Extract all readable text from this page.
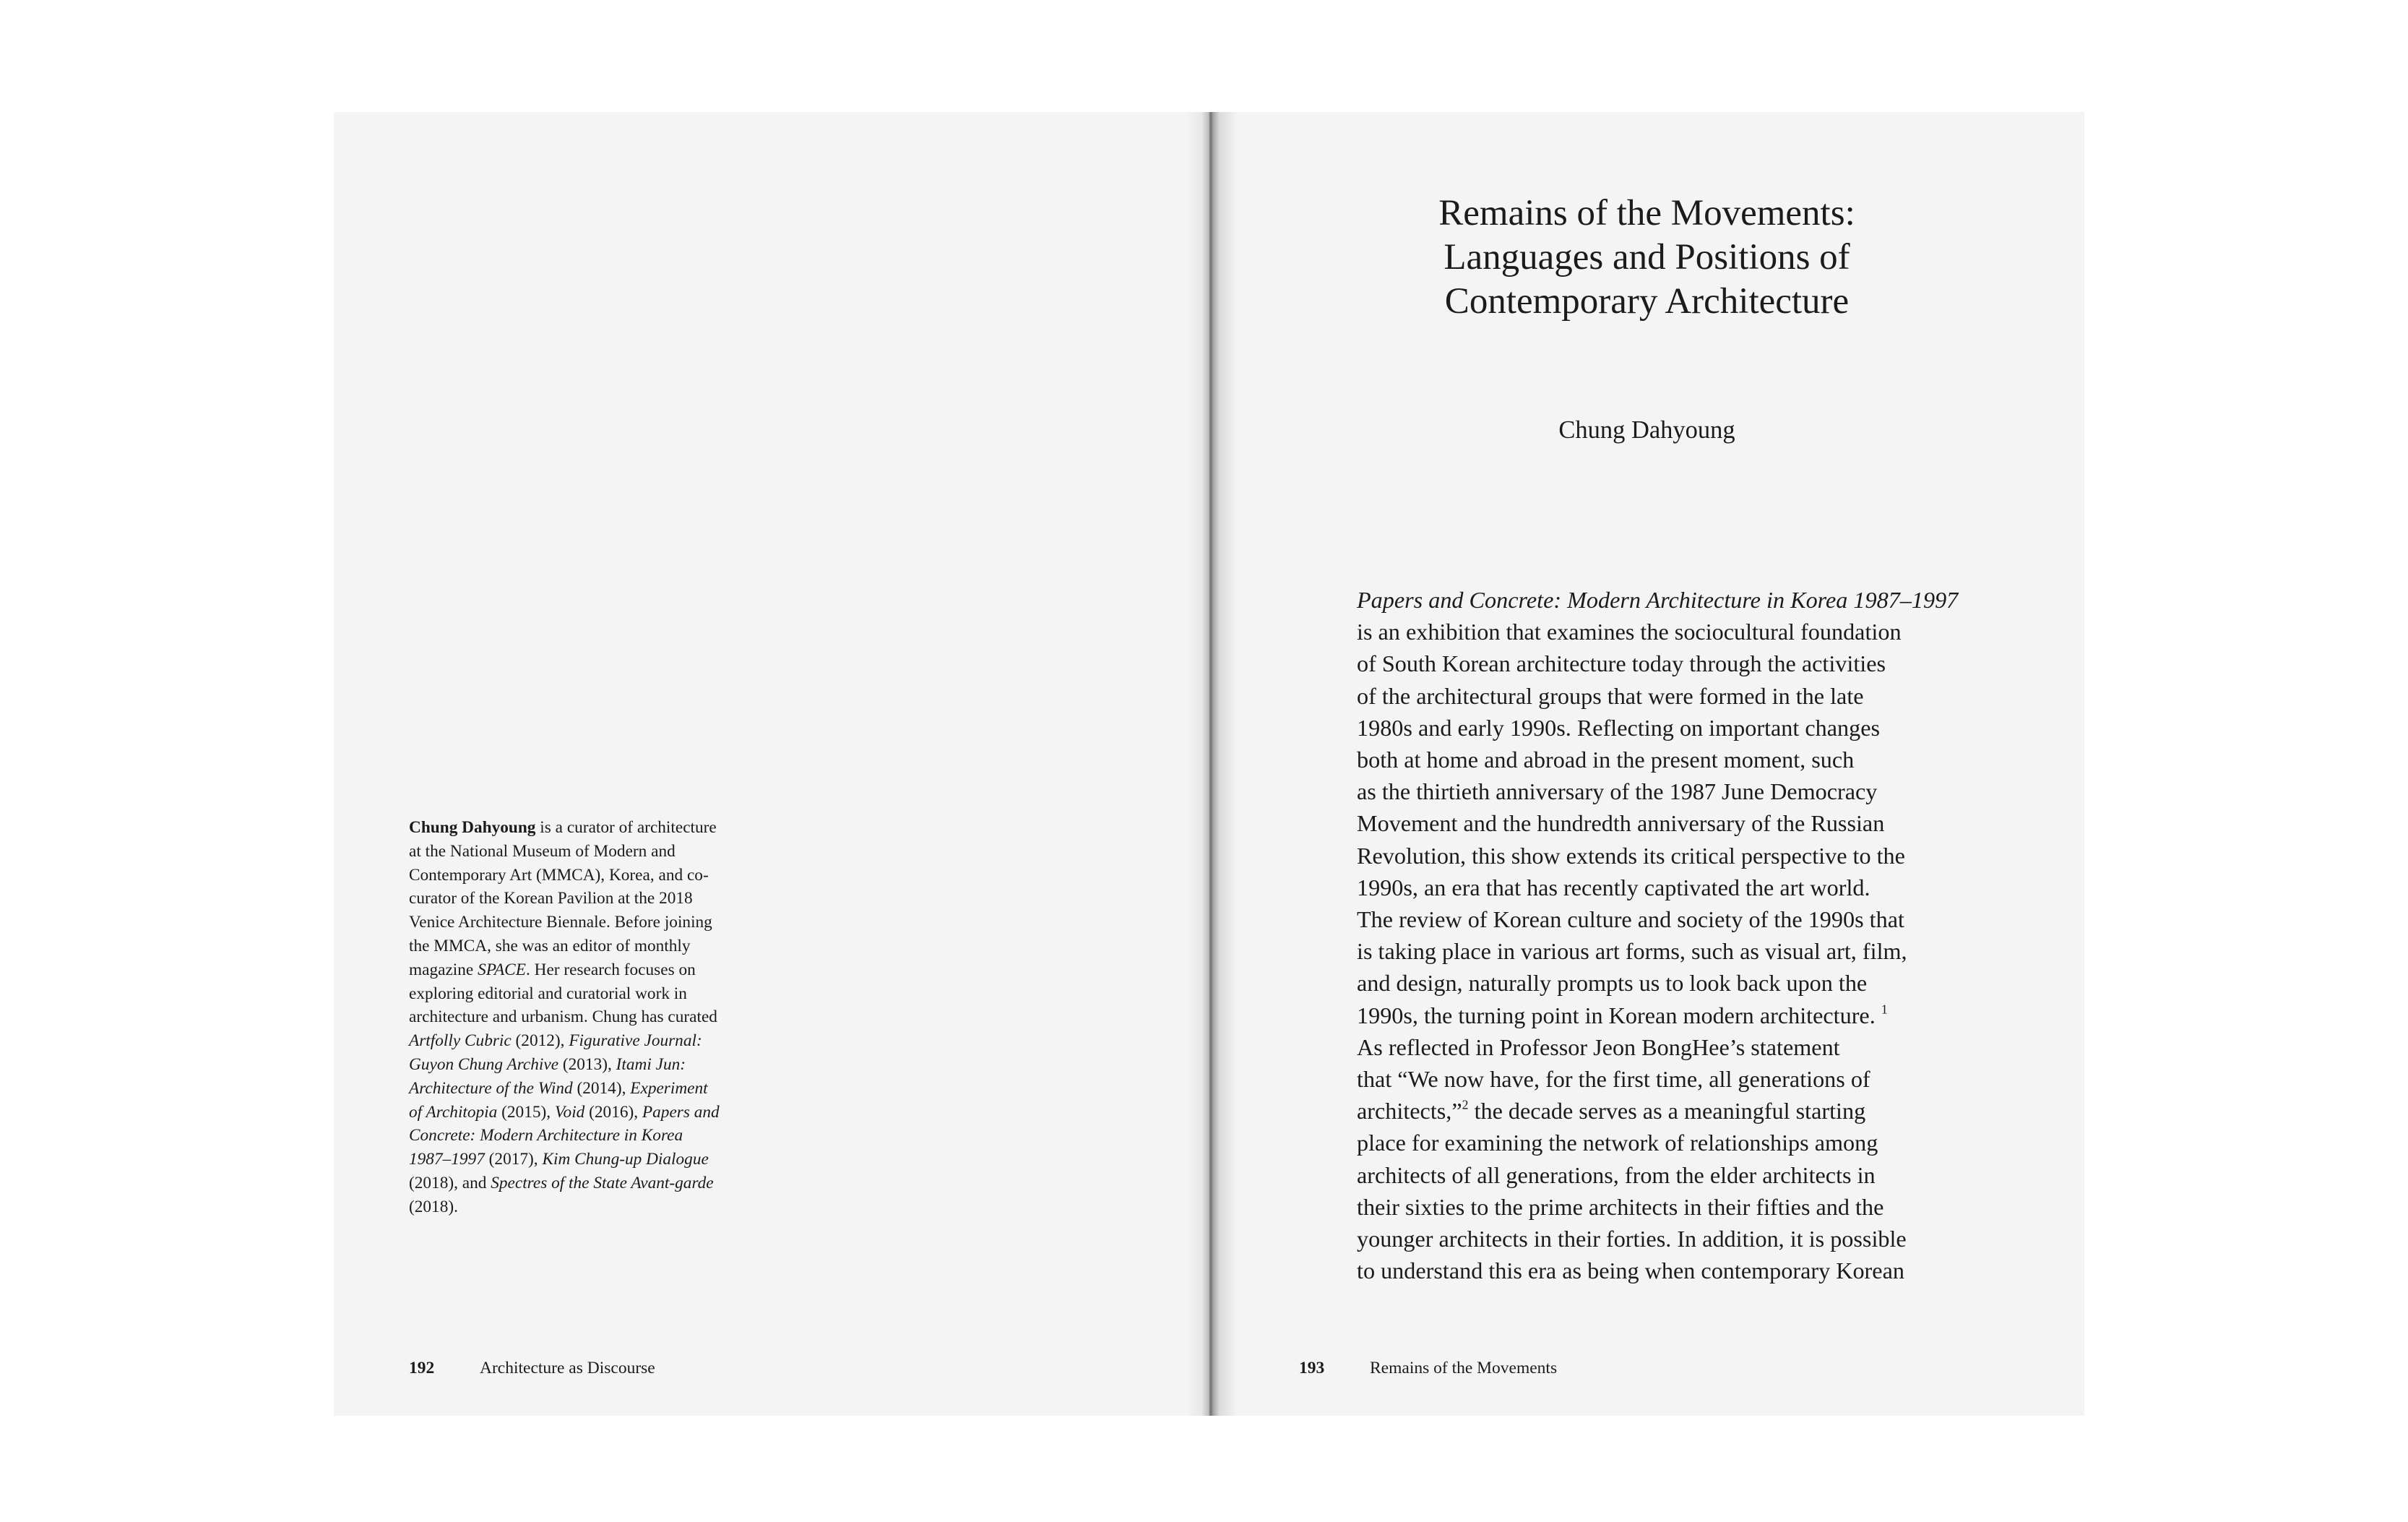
Chung Dahyoung is a curator of architecture at the National Museum of Modern and Contemporary Art (MMCA), Korea, and co-curator of the Korean Pavilion at the 2018 Venice Architecture Biennale. Before joining the MMCA, she was an editor of monthly magazine SPACE. Her research focuses on exploring editorial and curatorial work in architecture and urbanism. Chung has curated Artfolly Cubric (2012), Figurative Journal: Guyon Chung Archive (2013), Itami Jun: Architecture of the Wind (2014), Experiment of Architopia (2015), Void (2016), Papers and Concrete: Modern Architecture in Korea 1987–1997 (2017), Kim Chung-up Dialogue (2018), and Spectres of the State Avant-garde (2018).

192	Architecture as Discourse

Remains of the Movements:
Languages and Positions of
Contemporary Architecture

Chung Dahyoung

Papers and Concrete: Modern Architecture in Korea 1987–1997
is an exhibition that examines the sociocultural foundation
of South Korean architecture today through the activities
of the architectural groups that were formed in the late
1980s and early 1990s. Reflecting on important changes
both at home and abroad in the present moment, such
as the thirtieth anniversary of the 1987 June Democracy
Movement and the hundredth anniversary of the Russian
Revolution, this show extends its critical perspective to the
1990s, an era that has recently captivated the art world.
The review of Korean culture and society of the 1990s that
is taking place in various art forms, such as visual art, film,
and design, naturally prompts us to look back upon the
1990s, the turning point in Korean modern architecture. $^1$
As reflected in Professor Jeon BongHee’s statement
that “We now have, for the first time, all generations of
architects,”$^2$ the decade serves as a meaningful starting
place for examining the network of relationships among
architects of all generations, from the elder architects in
their sixties to the prime architects in their fifties and the
younger architects in their forties. In addition, it is possible
to understand this era as being when contemporary Korean

193	Remains of the Movements
